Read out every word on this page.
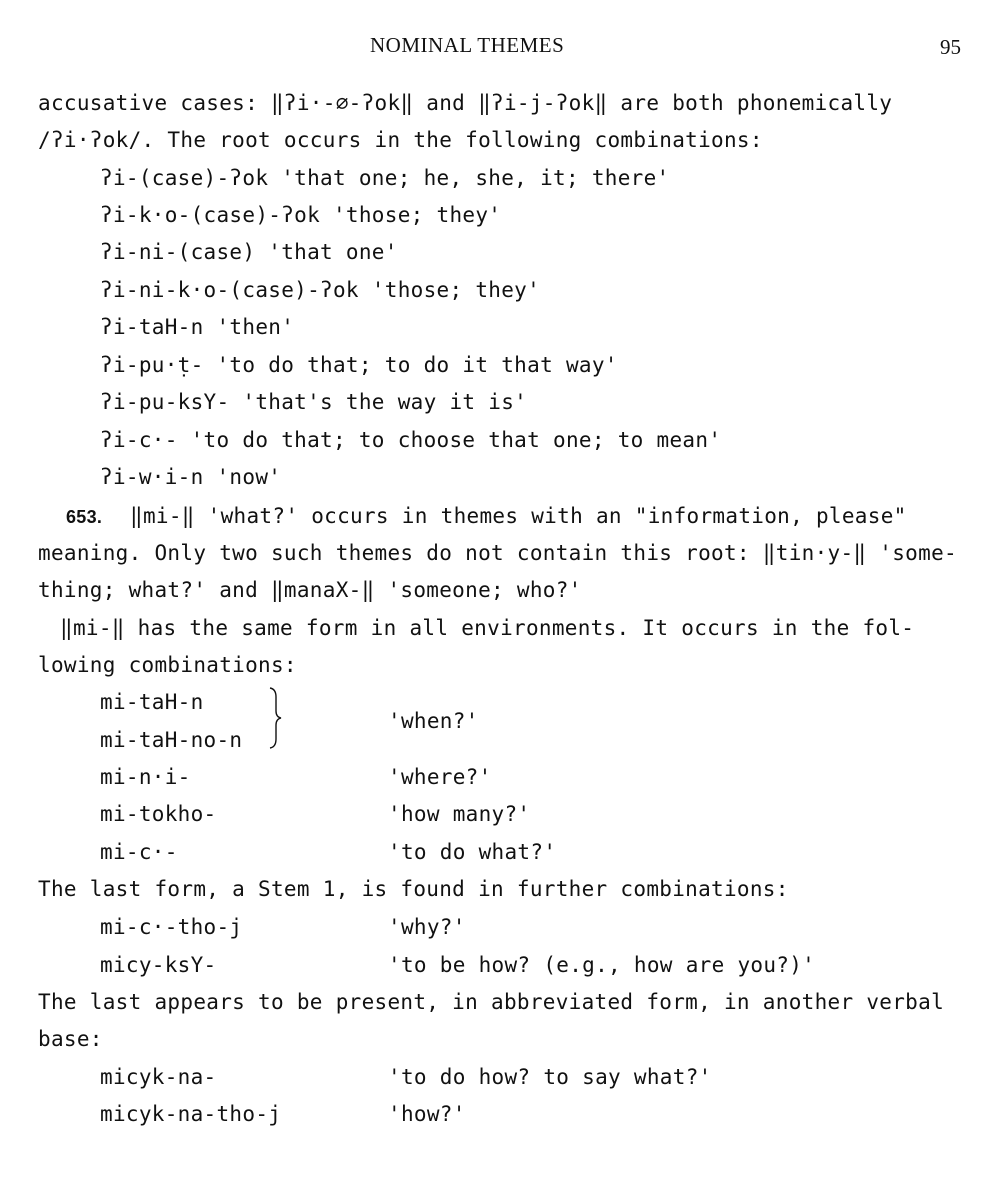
NOMINAL THEMES	95
accusative cases: ‖ʔi·-∅-ʔok‖ and ‖ʔi-j-ʔok‖ are both phonemically
/ʔi·ʔok/. The root occurs in the following combinations:
ʔi-(case)-ʔok 'that one; he, she, it; there'
ʔi-k·o-(case)-ʔok 'those; they'
ʔi-ni-(case) 'that one'
ʔi-ni-k·o-(case)-ʔok 'those; they'
ʔi-taH-n 'then'
ʔi-pu·ṭ- 'to do that; to do it that way'
ʔi-pu-ksY- 'that's the way it is'
ʔi-c·- 'to do that; to choose that one; to mean'
ʔi-w·i-n 'now'
653. ‖mi-‖ 'what?' occurs in themes with an "information, please"
meaning. Only two such themes do not contain this root: ‖tin·y-‖ 'some-
thing; what?' and ‖manaX-‖ 'someone; who?'
‖mi-‖ has the same form in all environments. It occurs in the fol-
lowing combinations:
mi-taH-n
mi-taH-no-n
'when?'
mi-n·i-	'where?'
mi-tokho-	'how many?'
mi-c·-	'to do what?'
The last form, a Stem 1, is found in further combinations:
mi-c·-tho-j	'why?'
micy-ksY-	'to be how? (e.g., how are you?)'
The last appears to be present, in abbreviated form, in another verbal
base:
micyk-na-	'to do how? to say what?'
micyk-na-tho-j	'how?'
